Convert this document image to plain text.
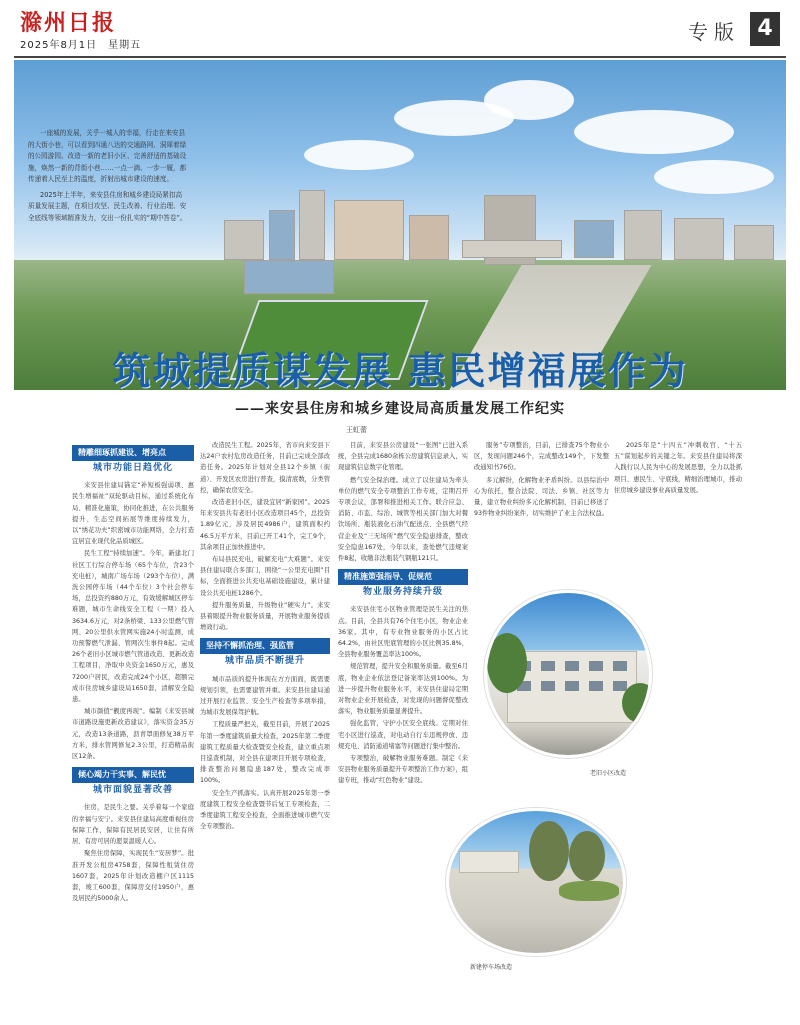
滁州日报
2025年8月1日　星期五
专版 4

一座城的发展，关乎一城人的幸福，行走在来安县的大街小巷，可以看到四通八达的交通路网、洞犀着绿的公园游园、改造一新的老旧小区、完善舒适的基础设施，焕然一新的背街小巷……一点一滴、一步一履，都传递着人民至上的温度，折射出城市建设的速度。

2025年上半年，来安县住房和城乡建设局紧扣高质量发展主题，在项目攻坚、民生改善、行业治理、安全底线等领域精准发力，交出一份扎实的“期中答卷”。

筑城提质谋发展 惠民增福展作为
——来安县住房和城乡建设局高质量发展工作纪实
王虹蕾
精雕细琢抓建设、增亮点
城市功能日趋优化

来安县住建局锚定“补短板强弱项、惠民生增福祉”双轮驱动目标，通过系统化布局、精准化施策，协同化推进，在公共服务提升、生态空间拓展等维度持续发力，以“绣花功夫”织密城市功能网络，全力打造宜居宜业现代化品质城区。

民生工程“持续加速”。今年，新建北门社区工行综合停车场（65个车位，含23个充电桩），城南广场车场（293个车位），满洗公园停车场（44个车位）3个社会停车场，总投资约880万元，有效缓解城区停车难题，城市生命线安全工程（一期）投入3634.6万元，对2条桥梁、133公里燃气管网、20公里供水管网实施24小时监测，成功预警燃气泄漏、管网次生事件8起。完成26个老旧小区城市燃气管道改造、更新改造工程项目，净取中央资金1650万元，惠及7200户居民，改造完成24个小区，超额完成市住房城乡建设局1650套，清解安全隐患。

城市颜值“靓度再现”。编制《来安县城市道路设施更新改造建议》，落实资金35万元，改造13条道路，沥青罩面修复38万平方米，排水管网修复2.3公里，打造精品街区12条。

倾心竭力干实事、解民忧
城市面貌显著改善

住房，是民生之要。关乎着每一个家庭的幸福与安宁。来安县住建局高度重视住房保障工作，保障有民居民安居，让住有所居、有房可居的愿景温暖人心。

聚焦住房保障，实现民生“安居梦”。批准开发公租房4758套，保障性租赁住房1607套，2025年计划改造棚户区1115套，竣工600套，保障房交付1950户，惠及居民约5000余人。

改造民生工程。2025年，省市向来安县下达24户农村危房改造任务，目前已完成全部改造任务。2025年计划对全县12个乡镇（街道）、开发区农房进行普查，摸清底数，分类管控，确保农房安全。

改造老旧小区，建设宜居“新家园”。2025年来安县共有老旧小区改造项目45个，总投资1.89亿元，涉及居民4986户，建筑面积约46.5万平方米，目前已开工41个，完工9个，其余项目正加快推进中。

布局县民充电，破解充电“大难题”。来安县住建局联合多部门，围绕“一公里充电圈”目标，全面推进公共充电基础设施建设，累计建设公共充电桩1286个。

提升服务质量，升级物业“硬实力”。来安县着眼提升物业服务质量，开展物业服务提质增效行动。

坚持不懈抓治理、强监管
城市品质不断提升

城市品质的提升体现在方方面面，既需要规划引领，也需要建管并重。来安县住建局通过开展行业监管、安全生产检查等多项举措，为城市发展保驾护航。

工程质量严把关，截至目前，开展了2025年第一季度建筑质量大检查，2025年第二季度建筑工程质量大检查暨安全检查，建立重点项目巡查机制，对全县在建项目开展专项检查，排查整治问题隐患187处，整改完成率100%。

安全生产抓落实。认真开展2025年第一季度建筑工程安全检查暨节后复工专项检查，二季度建筑工程安全检查，全面推进城市燃气安全专项整治。

目前，来安县公房建设“一张图”已进入系统，全县完成1680余栋公房建筑信息录入，实现建筑信息数字化管理。

燃气安全保治理。成立了以住建局为牵头单位的燃气安全专项整治工作专班，定期召开专项会议，部署和推进相关工作。联合应急、消防、市监、综治、城管等相关部门加大对餐饮场所、瓶装液化石油气配送点、全县燃气经营企业及“三无场所”燃气安全隐患排查，整改安全隐患167处，今年以来，查处燃气违规案件8起，收缴非法瓶装气钢瓶121只。

精准施策强指导、促规范
物业服务持续升级

来安县住宅小区物业管理是民生关注的焦点。目前，全县共有76个住宅小区，物业企业36家。其中，有专业物业服务的小区占比64.2%，由社区兜底管理的小区比例35.8%，全县物业服务覆盖率达100%。

规范管理，提升安全和服务质量。截至6月底，物业企业依法登记备案率达到100%。为进一步提升物业服务水平，来安县住建局定期对物业企业开展检查，对发现的问题督促整改落实，物业服务质量显著提升。

强化监管，守护小区安全底线。定期对住宅小区进行巡查，对电动自行车违规停放、违规充电、消防通道堵塞等问题进行集中整治。

专项整治，破解物业服务难题。制定《来安县物业服务质量提升专项整治工作方案》，组建专班，推动“红色物业”建设。

服务”专项整治，目前，已排查75个物业小区，发现问题246个，完成整改149个，下发整改通知书76份。

多元解纷，化解物业矛盾纠纷。以县综治中心为依托，整合法院、司法、乡镇、社区等力量，建立物业纠纷多元化解机制，目前已移送了93件物业纠纷案件，切实维护了业主合法权益。

2025年是“十四五”冲刺收官、“十五五”谋划起步的关键之年。来安县住建局将深入践行以人民为中心的发展思想，全力以赴抓项目、惠民生、守底线，精细治理城市，推动住房城乡建设事业高质量发展。

老旧小区改造
新建停车场改造
